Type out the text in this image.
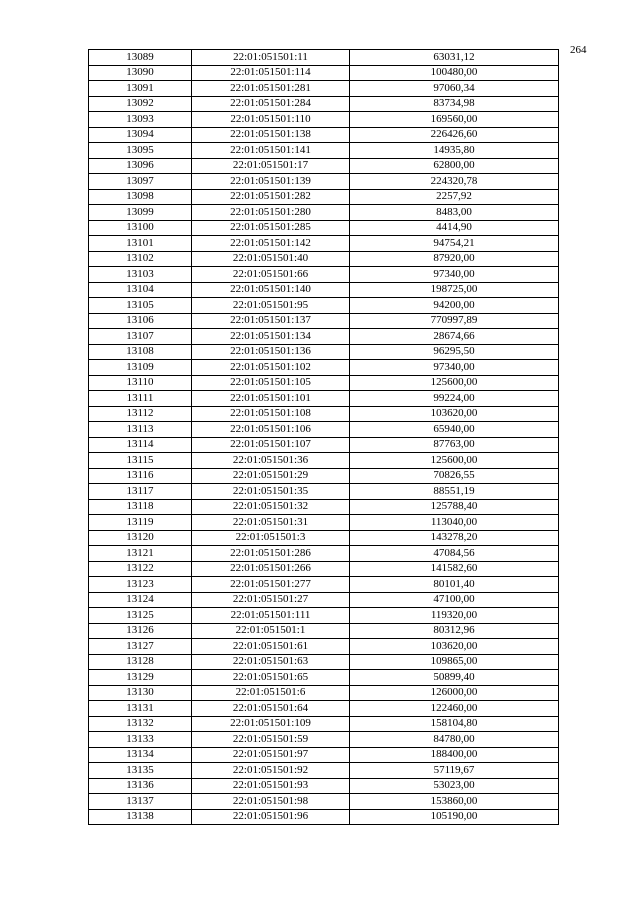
264
13089	22:01:051501:11	63031,12
13090	22:01:051501:114	100480,00
13091	22:01:051501:281	97060,34
13092	22:01:051501:284	83734,98
13093	22:01:051501:110	169560,00
13094	22:01:051501:138	226426,60
13095	22:01:051501:141	14935,80
13096	22:01:051501:17	62800,00
13097	22:01:051501:139	224320,78
13098	22:01:051501:282	2257,92
13099	22:01:051501:280	8483,00
13100	22:01:051501:285	4414,90
13101	22:01:051501:142	94754,21
13102	22:01:051501:40	87920,00
13103	22:01:051501:66	97340,00
13104	22:01:051501:140	198725,00
13105	22:01:051501:95	94200,00
13106	22:01:051501:137	770997,89
13107	22:01:051501:134	28674,66
13108	22:01:051501:136	96295,50
13109	22:01:051501:102	97340,00
13110	22:01:051501:105	125600,00
13111	22:01:051501:101	99224,00
13112	22:01:051501:108	103620,00
13113	22:01:051501:106	65940,00
13114	22:01:051501:107	87763,00
13115	22:01:051501:36	125600,00
13116	22:01:051501:29	70826,55
13117	22:01:051501:35	88551,19
13118	22:01:051501:32	125788,40
13119	22:01:051501:31	113040,00
13120	22:01:051501:3	143278,20
13121	22:01:051501:286	47084,56
13122	22:01:051501:266	141582,60
13123	22:01:051501:277	80101,40
13124	22:01:051501:27	47100,00
13125	22:01:051501:111	119320,00
13126	22:01:051501:1	80312,96
13127	22:01:051501:61	103620,00
13128	22:01:051501:63	109865,00
13129	22:01:051501:65	50899,40
13130	22:01:051501:6	126000,00
13131	22:01:051501:64	122460,00
13132	22:01:051501:109	158104,80
13133	22:01:051501:59	84780,00
13134	22:01:051501:97	188400,00
13135	22:01:051501:92	57119,67
13136	22:01:051501:93	53023,00
13137	22:01:051501:98	153860,00
13138	22:01:051501:96	105190,00
